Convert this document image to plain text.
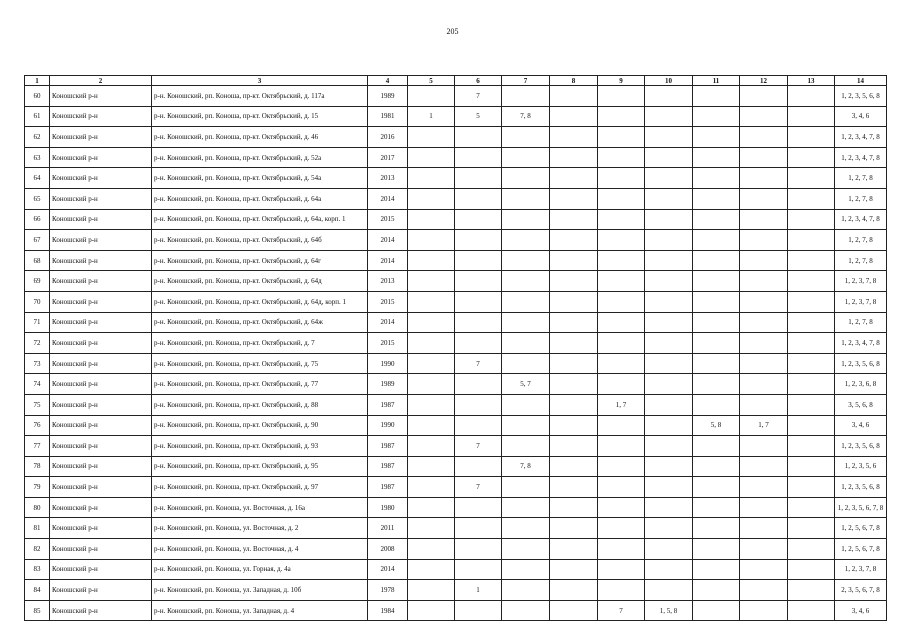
205
1	2	3	4	5	6	7	8	9	10	11	12	13	14
60	Коношский р-н	р-н. Коношский, рп. Коноша, пр-кт. Октябрьский, д. 117а	1989		7								1, 2, 3, 5, 6, 8
61	Коношский р-н	р-н. Коношский, рп. Коноша, пр-кт. Октябрьский, д. 15	1981	1	5	7, 8							3, 4, 6
62	Коношский р-н	р-н. Коношский, рп. Коноша, пр-кт. Октябрьский, д. 46	2016										1, 2, 3, 4, 7, 8
63	Коношский р-н	р-н. Коношский, рп. Коноша, пр-кт. Октябрьский, д. 52а	2017										1, 2, 3, 4, 7, 8
64	Коношский р-н	р-н. Коношский, рп. Коноша, пр-кт. Октябрьский, д. 54а	2013										1, 2, 7, 8
65	Коношский р-н	р-н. Коношский, рп. Коноша, пр-кт. Октябрьский, д. 64а	2014										1, 2, 7, 8
66	Коношский р-н	р-н. Коношский, рп. Коноша, пр-кт. Октябрьский, д. 64а, корп. 1	2015										1, 2, 3, 4, 7, 8
67	Коношский р-н	р-н. Коношский, рп. Коноша, пр-кт. Октябрьский, д. 64б	2014										1, 2, 7, 8
68	Коношский р-н	р-н. Коношский, рп. Коноша, пр-кт. Октябрьский, д. 64г	2014										1, 2, 7, 8
69	Коношский р-н	р-н. Коношский, рп. Коноша, пр-кт. Октябрьский, д. 64д	2013										1, 2, 3, 7, 8
70	Коношский р-н	р-н. Коношский, рп. Коноша, пр-кт. Октябрьский, д. 64д, корп. 1	2015										1, 2, 3, 7, 8
71	Коношский р-н	р-н. Коношский, рп. Коноша, пр-кт. Октябрьский, д. 64ж	2014										1, 2, 7, 8
72	Коношский р-н	р-н. Коношский, рп. Коноша, пр-кт. Октябрьский, д. 7	2015										1, 2, 3, 4, 7, 8
73	Коношский р-н	р-н. Коношский, рп. Коноша, пр-кт. Октябрьский, д. 75	1990		7								1, 2, 3, 5, 6, 8
74	Коношский р-н	р-н. Коношский, рп. Коноша, пр-кт. Октябрьский, д. 77	1989			5, 7							1, 2, 3, 6, 8
75	Коношский р-н	р-н. Коношский, рп. Коноша, пр-кт. Октябрьский, д. 88	1987					1, 7					3, 5, 6, 8
76	Коношский р-н	р-н. Коношский, рп. Коноша, пр-кт. Октябрьский, д. 90	1990							5, 8	1, 7		3, 4, 6
77	Коношский р-н	р-н. Коношский, рп. Коноша, пр-кт. Октябрьский, д. 93	1987		7								1, 2, 3, 5, 6, 8
78	Коношский р-н	р-н. Коношский, рп. Коноша, пр-кт. Октябрьский, д. 95	1987			7, 8							1, 2, 3, 5, 6
79	Коношский р-н	р-н. Коношский, рп. Коноша, пр-кт. Октябрьский, д. 97	1987		7								1, 2, 3, 5, 6, 8
80	Коношский р-н	р-н. Коношский, рп. Коноша, ул. Восточная, д. 16а	1980										1, 2, 3, 5, 6, 7, 8
81	Коношский р-н	р-н. Коношский, рп. Коноша, ул. Восточная, д. 2	2011										1, 2, 5, 6, 7, 8
82	Коношский р-н	р-н. Коношский, рп. Коноша, ул. Восточная, д. 4	2008										1, 2, 5, 6, 7, 8
83	Коношский р-н	р-н. Коношский, рп. Коноша, ул. Горная, д. 4а	2014										1, 2, 3, 7, 8
84	Коношский р-н	р-н. Коношский, рп. Коноша, ул. Западная, д. 10б	1978		1								2, 3, 5, 6, 7, 8
85	Коношский р-н	р-н. Коношский, рп. Коноша, ул. Западная, д. 4	1984					7	1, 5, 8				3, 4, 6
